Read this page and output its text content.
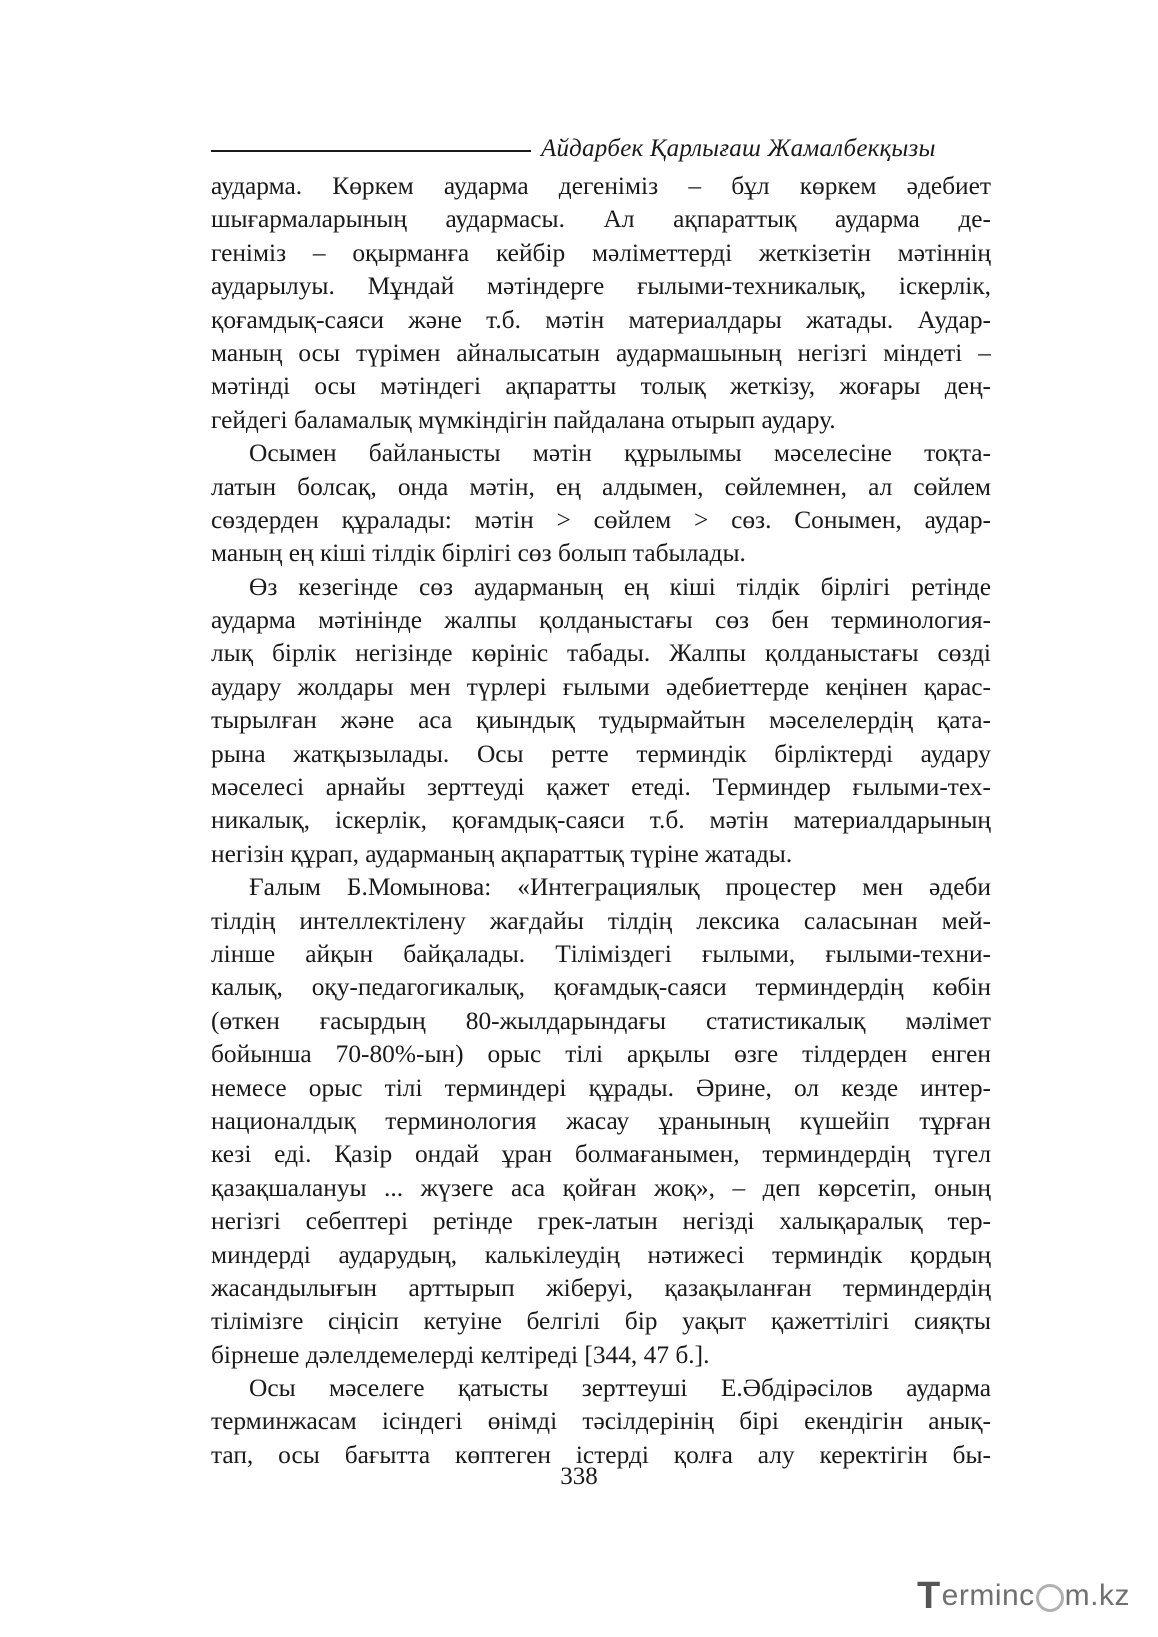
Айдарбек Қарлығаш Жамалбекқызы
аударма. Көркем аударма дегеніміз – бұл көркем әдебиет
шығармаларының аудармасы. Ал ақпараттық аударма де-
геніміз – оқырманға кейбір мәліметтерді жеткізетін мәтіннің
аударылуы. Мұндай мәтіндерге ғылыми-техникалық, іскерлік,
қоғамдық-саяси және т.б. мәтін материалдары жатады. Аудар-
маның осы түрімен айналысатын аудармашының негізгі міндеті –
мәтінді осы мәтіндегі ақпаратты толық жеткізу, жоғары дең-
гейдегі баламалық мүмкіндігін пайдалана отырып аудару.
Осымен байланысты мәтін құрылымы мәселесіне тоқта-
латын болсақ, онда мәтін, ең алдымен, сөйлемнен, ал сөйлем
сөздерден құралады: мәтін > сөйлем > сөз. Сонымен, аудар-
маның ең кіші тілдік бірлігі сөз болып табылады.
Өз кезегінде сөз аударманың ең кіші тілдік бірлігі ретінде
аударма мәтінінде жалпы қолданыстағы сөз бен терминология-
лық бірлік негізінде көрініс табады. Жалпы қолданыстағы сөзді
аудару жолдары мен түрлері ғылыми әдебиеттерде кеңінен қарас-
тырылған және аса қиындық тудырмайтын мәселелердің қата-
рына жатқызылады. Осы ретте терминдік бірліктерді аудару
мәселесі арнайы зерттеуді қажет етеді. Терминдер ғылыми-тех-
никалық, іскерлік, қоғамдық-саяси т.б. мәтін материалдарының
негізін құрап, аударманың ақпараттық түріне жатады.
Ғалым Б.Момынова: «Интеграциялық процестер мен әдеби
тілдің интеллектілену жағдайы тілдің лексика саласынан мей-
лінше айқын байқалады. Тіліміздегі ғылыми, ғылыми-техни-
калық, оқу-педагогикалық, қоғамдық-саяси терминдердің көбін
(өткен ғасырдың 80-жылдарындағы статистикалық мәлімет
бойынша 70-80%-ын) орыс тілі арқылы өзге тілдерден енген
немесе орыс тілі терминдері құрады. Әрине, ол кезде интер-
националдық терминология жасау ұранының күшейіп тұрған
кезі еді. Қазір ондай ұран болмағанымен, терминдердің түгел
қазақшалануы ... жүзеге аса қойған жоқ», – деп көрсетіп, оның
негізгі себептері ретінде грек-латын негізді халықаралық тер-
миндерді аударудың, калькілеудің нәтижесі терминдік қордың
жасандылығын арттырып жіберуі, қазақыланған терминдердің
тілімізге сіңісіп кетуіне белгілі бір уақыт қажеттілігі сияқты
бірнеше дәлелдемелерді келтіреді [344, 47 б.].
Осы мәселеге қатысты зерттеуші Е.Әбдірәсілов аударма
терминжасам ісіндегі өнімді тәсілдерінің бірі екендігін анық-
тап, осы бағытта көптеген істерді қолға алу керектігін бы-
338
T erminc m.kz
